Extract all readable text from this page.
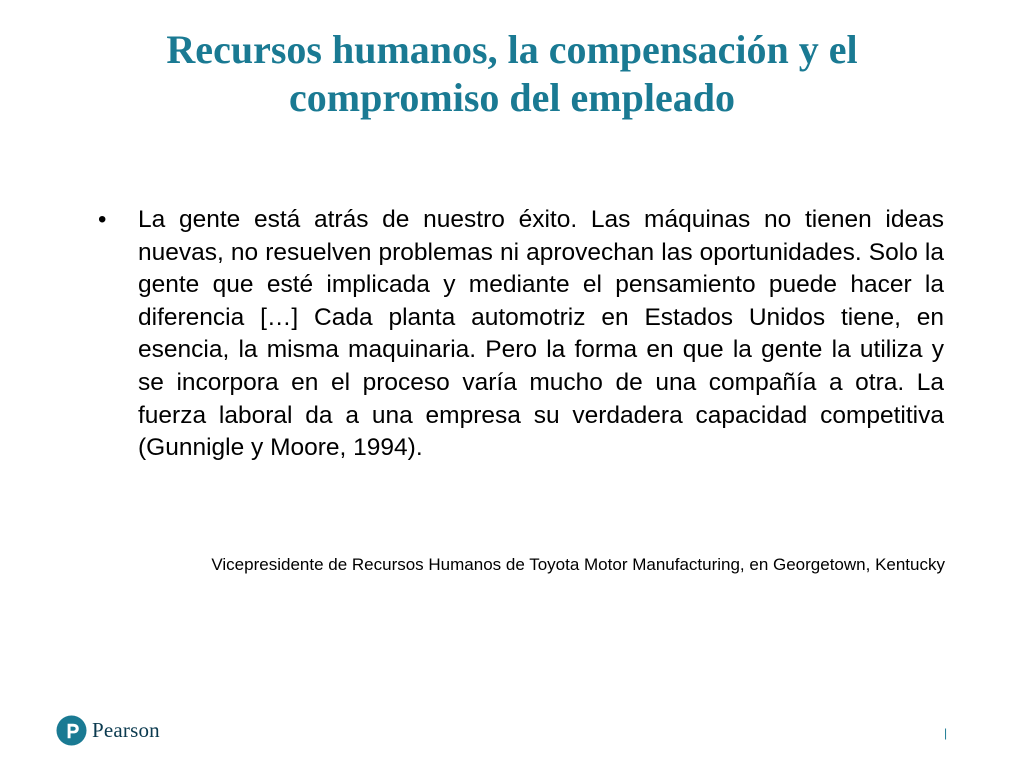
Recursos humanos, la compensación y el compromiso del empleado
•	La gente está atrás de nuestro éxito. Las máquinas no tienen ideas nuevas, no resuelven problemas ni aprovechan las oportunidades. Solo la gente que esté implicada y mediante el pensamiento puede hacer la diferencia […] Cada planta automotriz en Estados Unidos tiene, en esencia, la misma maquinaria. Pero la forma en que la gente la utiliza y se incorpora en el proceso varía mucho de una compañía a otra. La fuerza laboral da a una empresa su verdadera capacidad competitiva (Gunnigle y Moore, 1994).

Vicepresidente de Recursos Humanos de Toyota Motor Manufacturing, en Georgetown, Kentucky

Pearson	|
